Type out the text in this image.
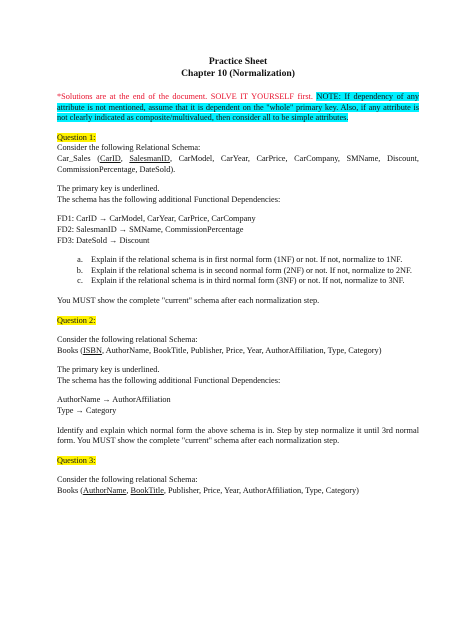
Practice Sheet
Chapter 10 (Normalization)

*Solutions are at the end of the document. SOLVE IT YOURSELF first. NOTE: If dependency of any attribute is not mentioned, assume that it is dependent on the "whole" primary key. Also, if any attribute is not clearly indicated as composite/multivalued, then consider all to be simple attributes.

Question 1:

Consider the following Relational Schema:

Car_Sales (CarID, SalesmanID, CarModel, CarYear, CarPrice, CarCompany, SMName, Discount, CommissionPercentage, DateSold).

The primary key is underlined.

The schema has the following additional Functional Dependencies:

FD1: CarID → CarModel, CarYear, CarPrice, CarCompany

FD2: SalesmanID → SMName, CommissionPercentage

FD3: DateSold → Discount

a. Explain if the relational schema is in first normal form (1NF) or not. If not, normalize to 1NF.
b. Explain if the relational schema is in second normal form (2NF) or not. If not, normalize to 2NF.
c. Explain if the relational schema is in third normal form (3NF) or not. If not, normalize to 3NF.

You MUST show the complete "current" schema after each normalization step.

Question 2:

Consider the following relational Schema:

Books (ISBN, AuthorName, BookTitle, Publisher, Price, Year, AuthorAffiliation, Type, Category)

The primary key is underlined.

The schema has the following additional Functional Dependencies:

AuthorName → AuthorAffiliation

Type → Category

Identify and explain which normal form the above schema is in. Step by step normalize it until 3rd normal form. You MUST show the complete "current" schema after each normalization step.

Question 3:

Consider the following relational Schema:

Books (AuthorName, BookTitle, Publisher, Price, Year, AuthorAffiliation, Type, Category)
